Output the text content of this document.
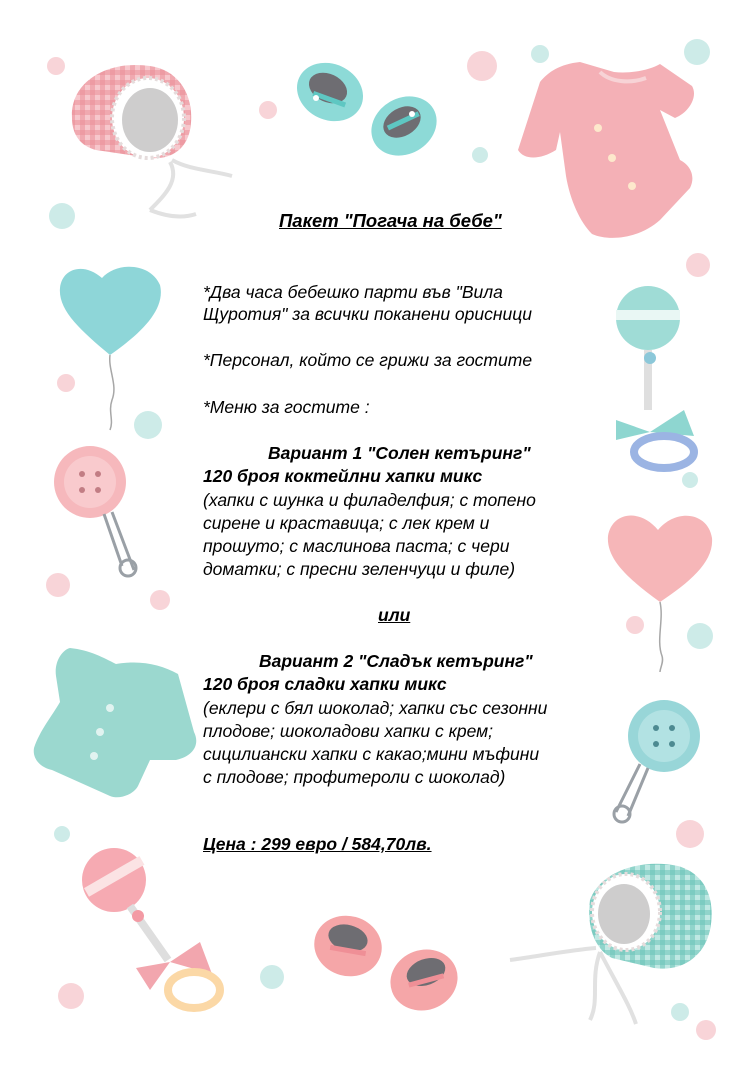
Пакет "Погача на бебе"

*Два часа бебешко парти във "Вила

Щуротия" за всички поканени орисници

*Персонал, който се грижи за гостите

*Меню за гостите :

Вариант 1 "Солен кетъринг"

120 броя коктейлни хапки микс

(хапки с шунка и филаделфия; с топено

сирене и краставица; с лек крем и

прошуто; с маслинова паста; с чери

доматки; с пресни зеленчуци и филе)

или

Вариант 2 "Сладък кетъринг"

120 броя сладки хапки микс

(еклери с бял шоколад; хапки със сезонни

плодове; шоколадови хапки с крем;

сицилиански хапки с какао;мини мъфини

с плодове; профитероли с шоколад)

Цена : 299 евро / 584,70лв.
